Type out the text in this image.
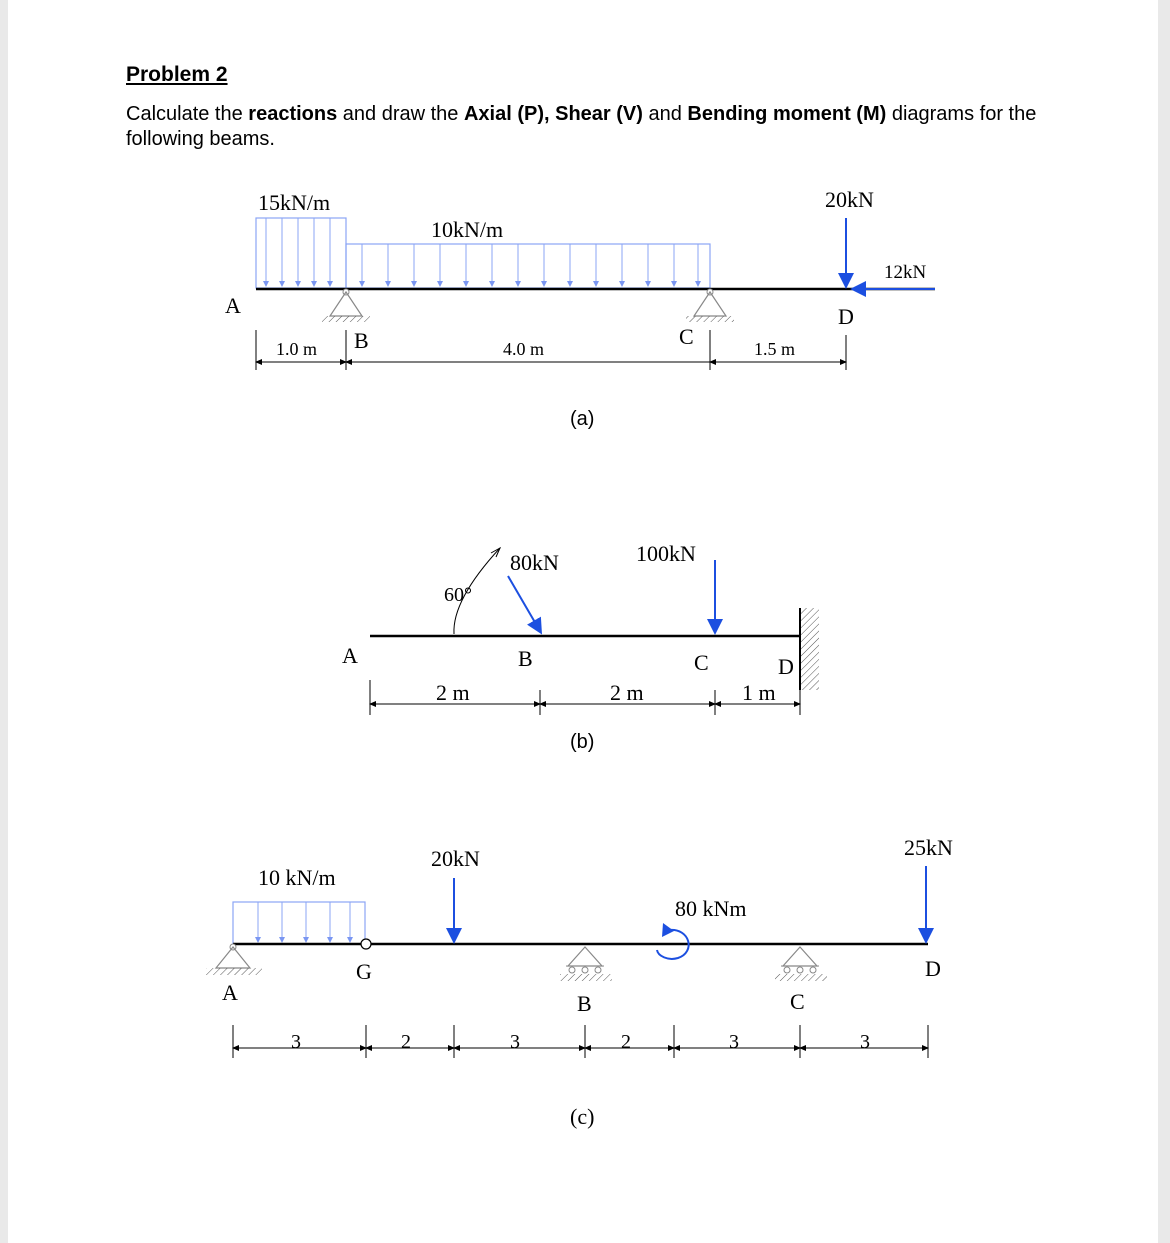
Problem 2
Calculate the reactions and draw the Axial (P), Shear (V) and Bending moment (M) diagrams for the following beams.
15kN/m
10kN/m
20kN
12kN
A
B	C
D
1.0 m	4.0 m	1.5 m
(a)
80kN
60°
100kN
A	B	C	D
2 m	2 m	1 m
(b)
10 kN/m
20kN
80 kNm
25kN
A
G
B	C
D
3	2	3	2	3	3
(c)
